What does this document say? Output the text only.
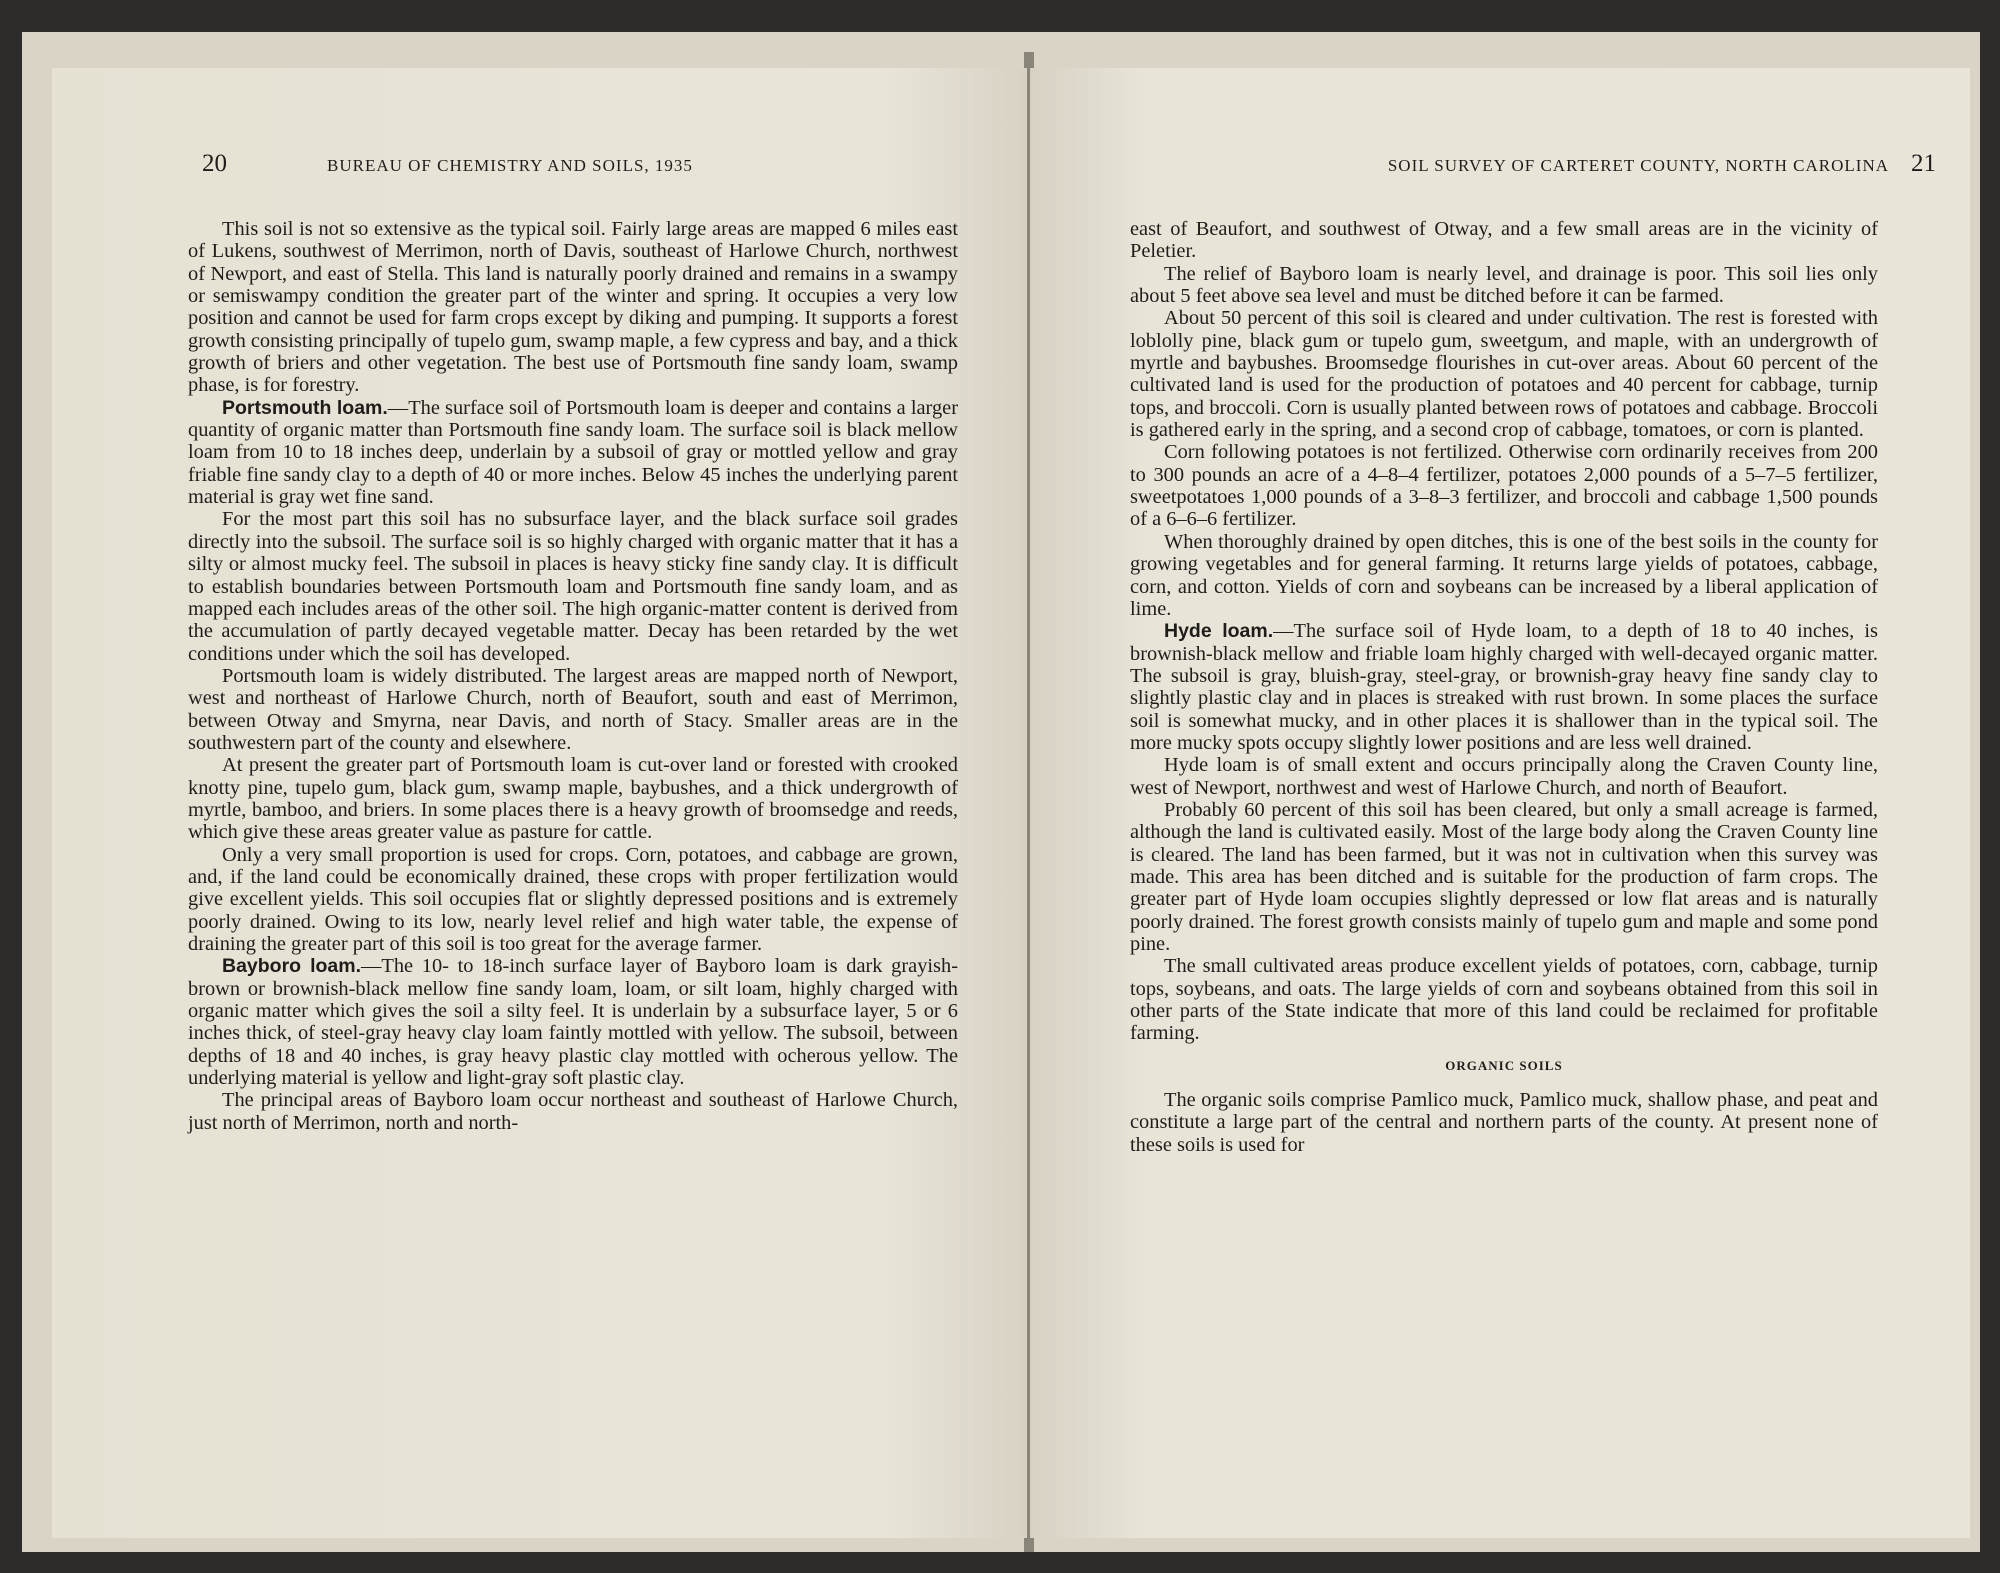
20	BUREAU OF CHEMISTRY AND SOILS, 1935

This soil is not so extensive as the typical soil. Fairly large areas are mapped 6 miles east of Lukens, southwest of Merrimon, north of Davis, southeast of Harlowe Church, northwest of Newport, and east of Stella. This land is naturally poorly drained and remains in a swampy or semiswampy condition the greater part of the winter and spring. It occupies a very low position and cannot be used for farm crops except by diking and pumping. It supports a forest growth consisting principally of tupelo gum, swamp maple, a few cypress and bay, and a thick growth of briers and other vegetation. The best use of Portsmouth fine sandy loam, swamp phase, is for forestry.

Portsmouth loam.—The surface soil of Portsmouth loam is deeper and contains a larger quantity of organic matter than Portsmouth fine sandy loam. The surface soil is black mellow loam from 10 to 18 inches deep, underlain by a subsoil of gray or mottled yellow and gray friable fine sandy clay to a depth of 40 or more inches. Below 45 inches the underlying parent material is gray wet fine sand.

For the most part this soil has no subsurface layer, and the black surface soil grades directly into the subsoil. The surface soil is so highly charged with organic matter that it has a silty or almost mucky feel. The subsoil in places is heavy sticky fine sandy clay. It is difficult to establish boundaries between Portsmouth loam and Portsmouth fine sandy loam, and as mapped each includes areas of the other soil. The high organic-matter content is derived from the accumulation of partly decayed vegetable matter. Decay has been retarded by the wet conditions under which the soil has developed.

Portsmouth loam is widely distributed. The largest areas are mapped north of Newport, west and northeast of Harlowe Church, north of Beaufort, south and east of Merrimon, between Otway and Smyrna, near Davis, and north of Stacy. Smaller areas are in the southwestern part of the county and elsewhere.

At present the greater part of Portsmouth loam is cut-over land or forested with crooked knotty pine, tupelo gum, black gum, swamp maple, baybushes, and a thick undergrowth of myrtle, bamboo, and briers. In some places there is a heavy growth of broomsedge and reeds, which give these areas greater value as pasture for cattle.

Only a very small proportion is used for crops. Corn, potatoes, and cabbage are grown, and, if the land could be economically drained, these crops with proper fertilization would give excellent yields. This soil occupies flat or slightly depressed positions and is extremely poorly drained. Owing to its low, nearly level relief and high water table, the expense of draining the greater part of this soil is too great for the average farmer.

Bayboro loam.—The 10- to 18-inch surface layer of Bayboro loam is dark grayish-brown or brownish-black mellow fine sandy loam, loam, or silt loam, highly charged with organic matter which gives the soil a silty feel. It is underlain by a subsurface layer, 5 or 6 inches thick, of steel-gray heavy clay loam faintly mottled with yellow. The subsoil, between depths of 18 and 40 inches, is gray heavy plastic clay mottled with ocherous yellow. The underlying material is yellow and light-gray soft plastic clay.

The principal areas of Bayboro loam occur northeast and southeast of Harlowe Church, just north of Merrimon, north and north-

SOIL SURVEY OF CARTERET COUNTY, NORTH CAROLINA 21

east of Beaufort, and southwest of Otway, and a few small areas are in the vicinity of Peletier.

The relief of Bayboro loam is nearly level, and drainage is poor. This soil lies only about 5 feet above sea level and must be ditched before it can be farmed.

About 50 percent of this soil is cleared and under cultivation. The rest is forested with loblolly pine, black gum or tupelo gum, sweetgum, and maple, with an undergrowth of myrtle and baybushes. Broomsedge flourishes in cut-over areas. About 60 percent of the cultivated land is used for the production of potatoes and 40 percent for cabbage, turnip tops, and broccoli. Corn is usually planted between rows of potatoes and cabbage. Broccoli is gathered early in the spring, and a second crop of cabbage, tomatoes, or corn is planted.

Corn following potatoes is not fertilized. Otherwise corn ordinarily receives from 200 to 300 pounds an acre of a 4–8–4 fertilizer, potatoes 2,000 pounds of a 5–7–5 fertilizer, sweetpotatoes 1,000 pounds of a 3–8–3 fertilizer, and broccoli and cabbage 1,500 pounds of a 6–6–6 fertilizer.

When thoroughly drained by open ditches, this is one of the best soils in the county for growing vegetables and for general farming. It returns large yields of potatoes, cabbage, corn, and cotton. Yields of corn and soybeans can be increased by a liberal application of lime.

Hyde loam.—The surface soil of Hyde loam, to a depth of 18 to 40 inches, is brownish-black mellow and friable loam highly charged with well-decayed organic matter. The subsoil is gray, bluish-gray, steel-gray, or brownish-gray heavy fine sandy clay to slightly plastic clay and in places is streaked with rust brown. In some places the surface soil is somewhat mucky, and in other places it is shallower than in the typical soil. The more mucky spots occupy slightly lower positions and are less well drained.

Hyde loam is of small extent and occurs principally along the Craven County line, west of Newport, northwest and west of Harlowe Church, and north of Beaufort.

Probably 60 percent of this soil has been cleared, but only a small acreage is farmed, although the land is cultivated easily. Most of the large body along the Craven County line is cleared. The land has been farmed, but it was not in cultivation when this survey was made. This area has been ditched and is suitable for the production of farm crops. The greater part of Hyde loam occupies slightly depressed or low flat areas and is naturally poorly drained. The forest growth consists mainly of tupelo gum and maple and some pond pine.

The small cultivated areas produce excellent yields of potatoes, corn, cabbage, turnip tops, soybeans, and oats. The large yields of corn and soybeans obtained from this soil in other parts of the State indicate that more of this land could be reclaimed for profitable farming.

ORGANIC SOILS

The organic soils comprise Pamlico muck, Pamlico muck, shallow phase, and peat and constitute a large part of the central and northern parts of the county. At present none of these soils is used for
